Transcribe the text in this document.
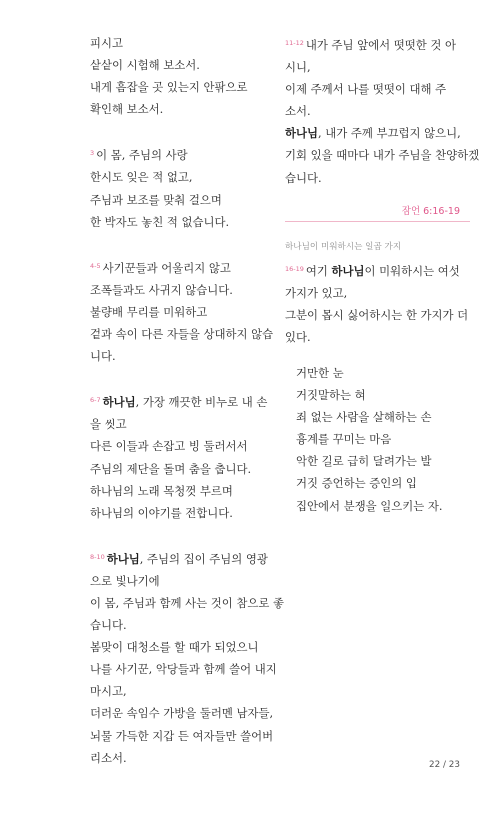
피시고
샅샅이 시험해 보소서.
내게 흠잡을 곳 있는지 안팎으로
확인해 보소서.
$^3$ 이 몸, 주님의 사랑
한시도 잊은 적 없고,
주님과 보조를 맞춰 걸으며
한 박자도 놓친 적 없습니다.
$^{4-5}$ 사기꾼들과 어울리지 않고
조폭들과도 사귀지 않습니다.
불량배 무리를 미워하고
겉과 속이 다른 자들을 상대하지 않습
니다.
$^{6-7}$ 하나님, 가장 깨끗한 비누로 내 손
을 씻고
다른 이들과 손잡고 빙 둘러서서
주님의 제단을 돌며 춤을 춥니다.
하나님의 노래 목청껏 부르며
하나님의 이야기를 전합니다.
$^{8-10}$ 하나님, 주님의 집이 주님의 영광
으로 빛나기에
이 몸, 주님과 함께 사는 것이 참으로 좋
습니다.
봄맞이 대청소를 할 때가 되었으니
나를 사기꾼, 악당들과 함께 쓸어 내지
마시고,
더러운 속임수 가방을 둘러멘 남자들,
뇌물 가득한 지갑 든 여자들만 쓸어버
리소서.
$^{11-12}$ 내가 주님 앞에서 떳떳한 것 아
시니,
이제 주께서 나를 떳떳이 대해 주
소서.
하나님, 내가 주께 부끄럽지 않으니,
기회 있을 때마다 내가 주님을 찬양하겠
습니다.
잠언 6:16-19
하나님이 미워하시는 일곱 가지
$^{16-19}$ 여기 하나님이 미워하시는 여섯
가지가 있고,
그분이 몹시 싫어하시는 한 가지가 더
있다.
거만한 눈
거짓말하는 혀
죄 없는 사람을 살해하는 손
흉계를 꾸미는 마음
악한 길로 급히 달려가는 발
거짓 증언하는 증인의 입
집안에서 분쟁을 일으키는 자.
22 / 23
